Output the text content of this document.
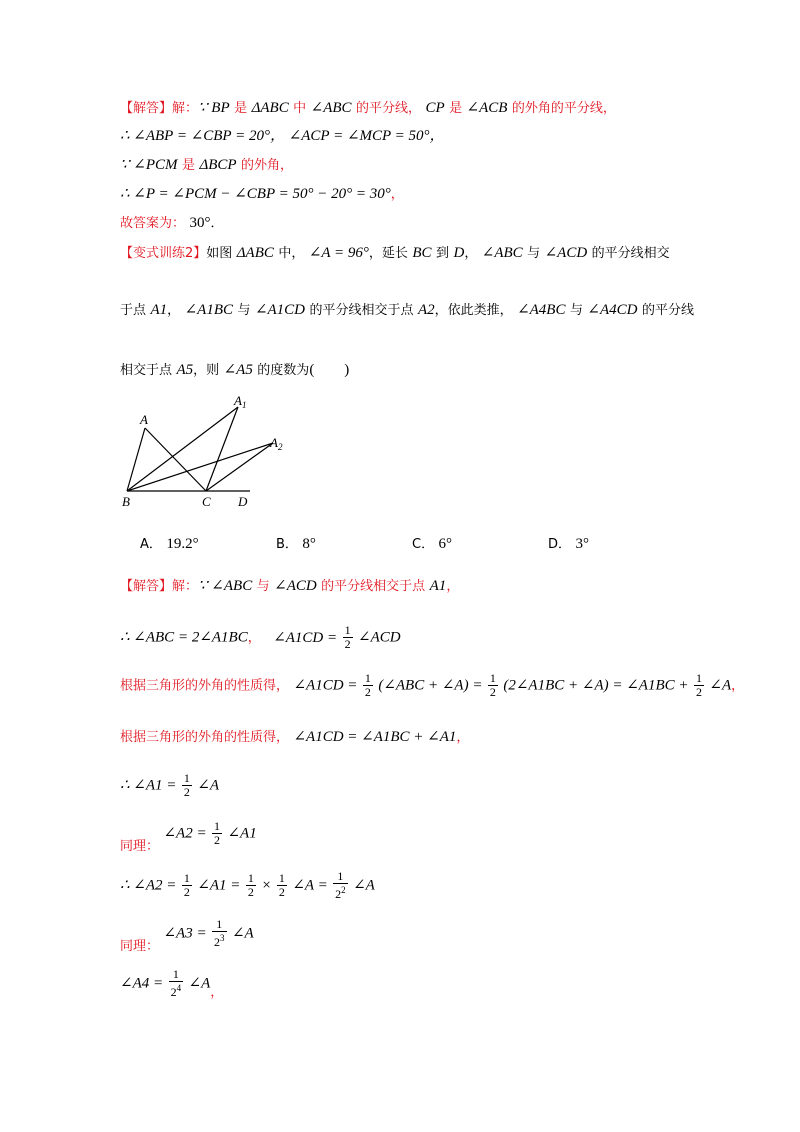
【解答】解：∵ BP 是 ΔABC 中 ∠ABC 的平分线， CP 是 ∠ACB 的外角的平分线，
∴ ∠ABP = ∠CBP = 20°， ∠ACP = ∠MCP = 50°，
∵ ∠PCM 是 ΔBCP 的外角，
∴ ∠P = ∠PCM − ∠CBP = 50° − 20° = 30°，
故答案为： 30°．
【变式训练2】如图 ΔABC 中， ∠A = 96°，延长 BC 到 D， ∠ABC 与 ∠ACD 的平分线相交
于点 A1， ∠A1BC 与 ∠A1CD 的平分线相交于点 A2，依此类推， ∠A4BC 与 ∠A4CD 的平分线
相交于点 A5，则 ∠A5 的度数为(　　)
A
$A_1$
$A_2$
B	C D
A． 19.2°	B． 8°	C． 6°	D． 3°
【解答】解：∵ ∠ABC 与 ∠ACD 的平分线相交于点 A1，
∴ ∠ABC = 2∠A1BC， ∠A1CD = $\frac{1}{2}$ ∠ACD
根据三角形的外角的性质得， ∠A1CD = $\frac{1}{2}$ (∠ABC + ∠A) = $\frac{1}{2}$ (2∠A1BC + ∠A) = ∠A1BC + $\frac{1}{2}$ ∠A，
根据三角形的外角的性质得， ∠A1CD = ∠A1BC + ∠A1，
∴ ∠A1 = $\frac{1}{2}$ ∠A
同理： ∠A2 = $\frac{1}{2}$ ∠A1
∴ ∠A2 = $\frac{1}{2}$ ∠A1 = $\frac{1}{2} \times \frac{1}{2}$ ∠A = $\frac{1}{2^2}$ ∠A
同理： ∠A3 = $\frac{1}{2^3}$ ∠A
∠A4 = $\frac{1}{2^4}$ ∠A，
